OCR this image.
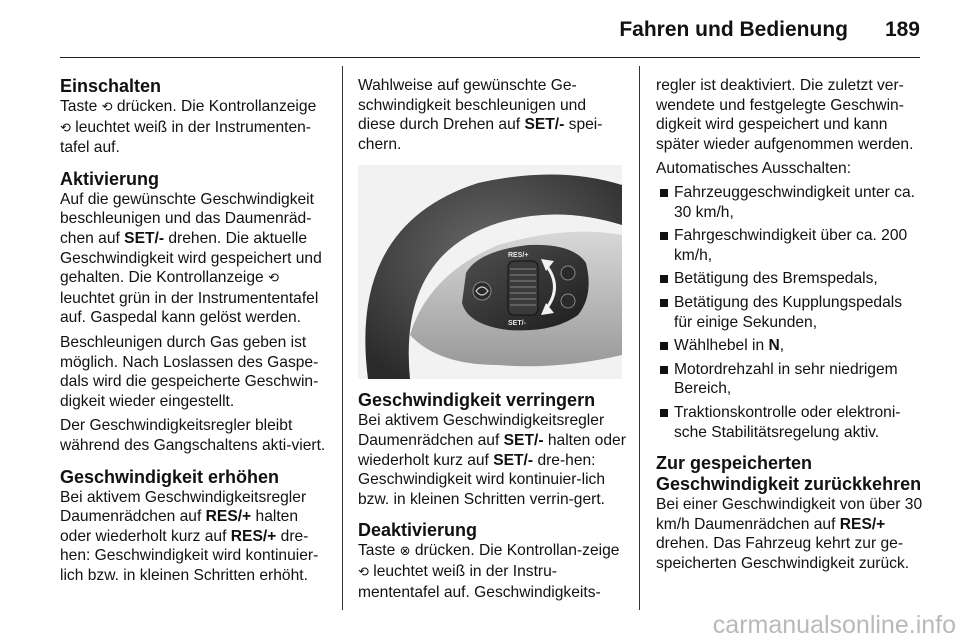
Fahren und Bedienung 189
Einschalten

Taste ⟲ drücken. Die Kontrollanzeige ⟲ leuchtet weiß in der Instrumenten-tafel auf.

Aktivierung

Auf die gewünschte Geschwindigkeit beschleunigen und das Daumenräd-chen auf SET/- drehen. Die aktuelle Geschwindigkeit wird gespeichert und gehalten. Die Kontrollanzeige ⟲ leuchtet grün in der Instrumententafel auf. Gaspedal kann gelöst werden.

Beschleunigen durch Gas geben ist möglich. Nach Loslassen des Gaspe-dals wird die gespeicherte Geschwin-digkeit wieder eingestellt.

Der Geschwindigkeitsregler bleibt während des Gangschaltens akti-viert.

Geschwindigkeit erhöhen

Bei aktivem Geschwindigkeitsregler Daumenrädchen auf RES/+ halten oder wiederholt kurz auf RES/+ dre-hen: Geschwindigkeit wird kontinuier-lich bzw. in kleinen Schritten erhöht.

Wahlweise auf gewünschte Ge-schwindigkeit beschleunigen und diese durch Drehen auf SET/- spei-chern.

RES/+
SET/-
Geschwindigkeit verringern

Bei aktivem Geschwindigkeitsregler Daumenrädchen auf SET/- halten oder wiederholt kurz auf SET/- dre-hen: Geschwindigkeit wird kontinuier-lich bzw. in kleinen Schritten verrin-gert.

Deaktivierung

Taste ⊗ drücken. Die Kontrollan-zeige ⟲ leuchtet weiß in der Instru-mententafel auf. Geschwindigkeits-

regler ist deaktiviert. Die zuletzt ver-wendete und festgelegte Geschwin-digkeit wird gespeichert und kann später wieder aufgenommen werden.

Automatisches Ausschalten:

Fahrzeuggeschwindigkeit unter ca. 30 km/h,
Fahrgeschwindigkeit über ca. 200 km/h,
Betätigung des Bremspedals,
Betätigung des Kupplungspedals für einige Sekunden,
Wählhebel in N,
Motordrehzahl in sehr niedrigem Bereich,
Traktionskontrolle oder elektroni-sche Stabilitätsregelung aktiv.
Zur gespeicherten Geschwindigkeit zurückkehren

Bei einer Geschwindigkeit von über 30 km/h Daumenrädchen auf RES/+ drehen. Das Fahrzeug kehrt zur ge-speicherten Geschwindigkeit zurück.

carmanualsonline.info
